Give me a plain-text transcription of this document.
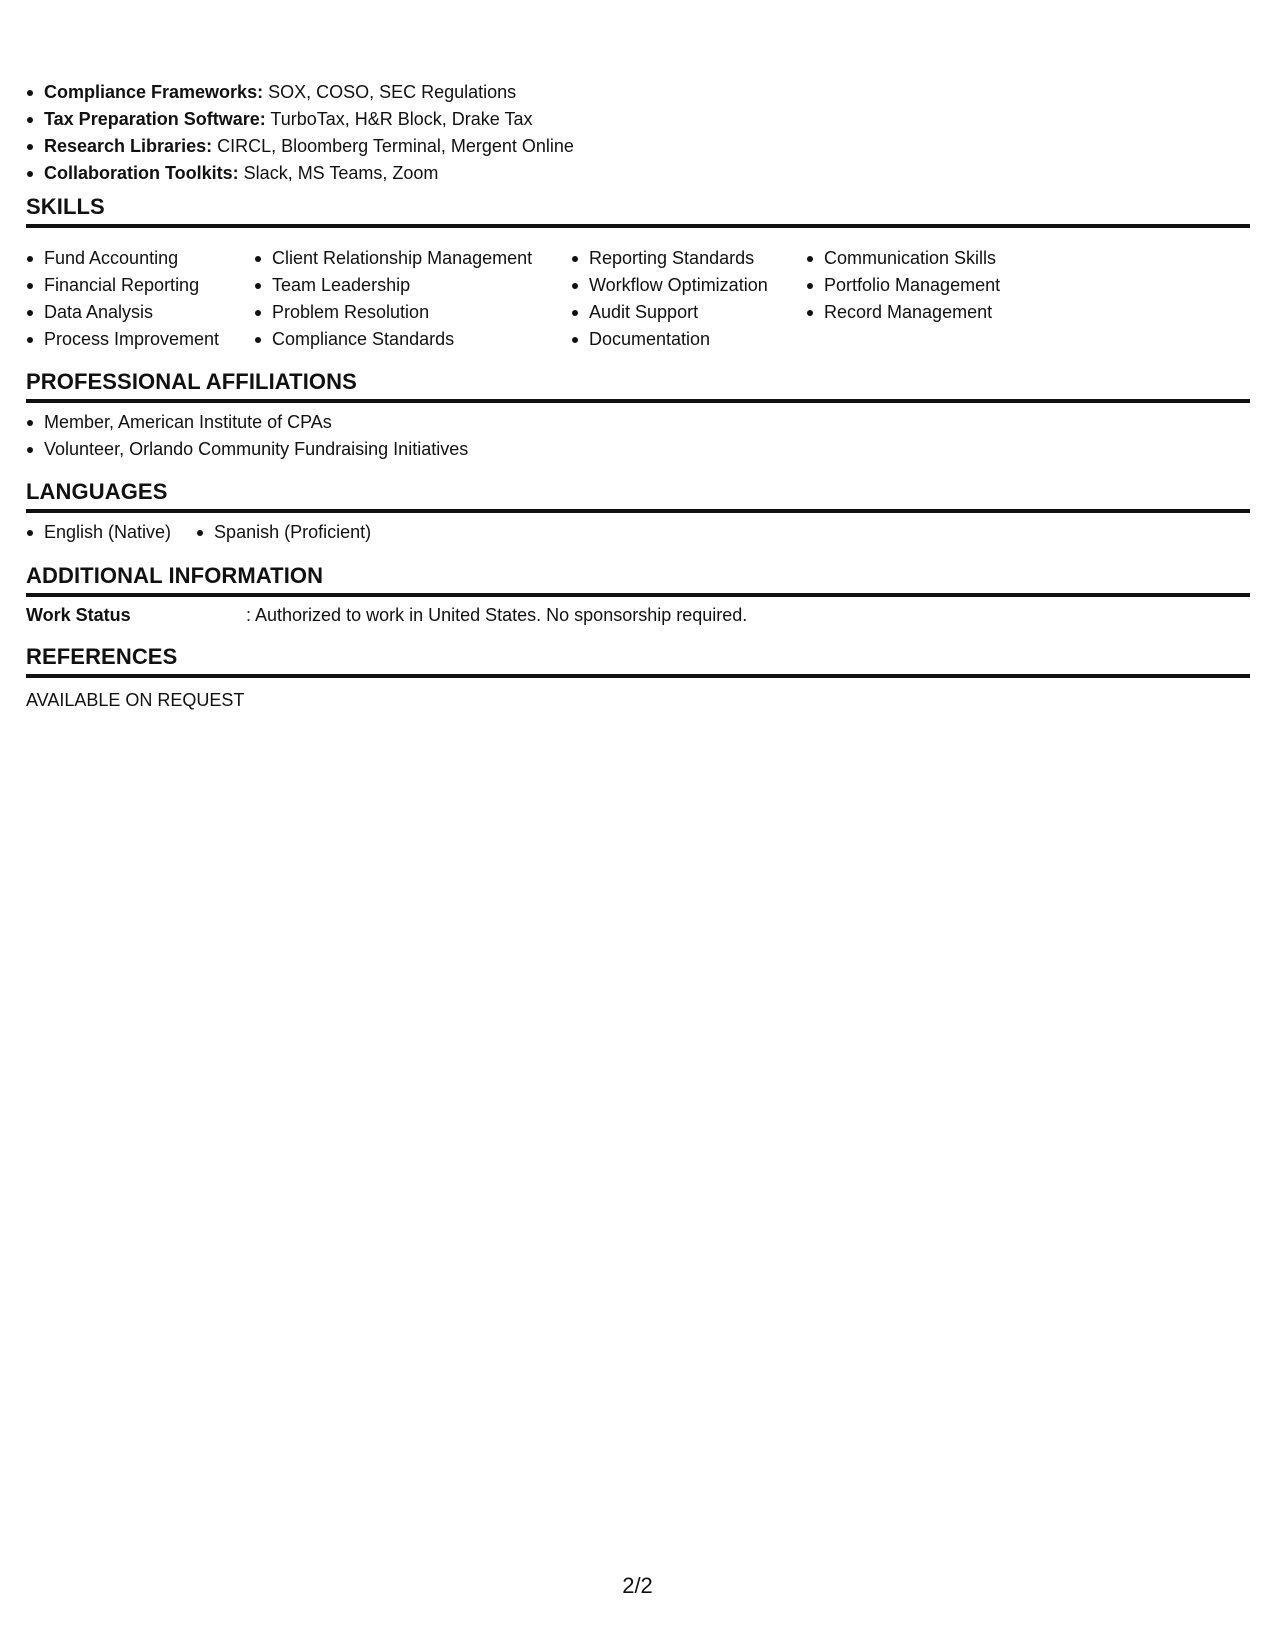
Compliance Frameworks: SOX, COSO, SEC Regulations
Tax Preparation Software: TurboTax, H&R Block, Drake Tax
Research Libraries: CIRCL, Bloomberg Terminal, Mergent Online
Collaboration Toolkits: Slack, MS Teams, Zoom
SKILLS
Fund Accounting
Financial Reporting
Data Analysis
Process Improvement
Client Relationship Management
Team Leadership
Problem Resolution
Compliance Standards
Reporting Standards
Workflow Optimization
Audit Support
Documentation
Communication Skills
Portfolio Management
Record Management
PROFESSIONAL AFFILIATIONS
Member, American Institute of CPAs
Volunteer, Orlando Community Fundraising Initiatives
LANGUAGES
English (Native)	Spanish (Proficient)
ADDITIONAL INFORMATION
Work Status	: Authorized to work in United States. No sponsorship required.
REFERENCES
AVAILABLE ON REQUEST
2/2
